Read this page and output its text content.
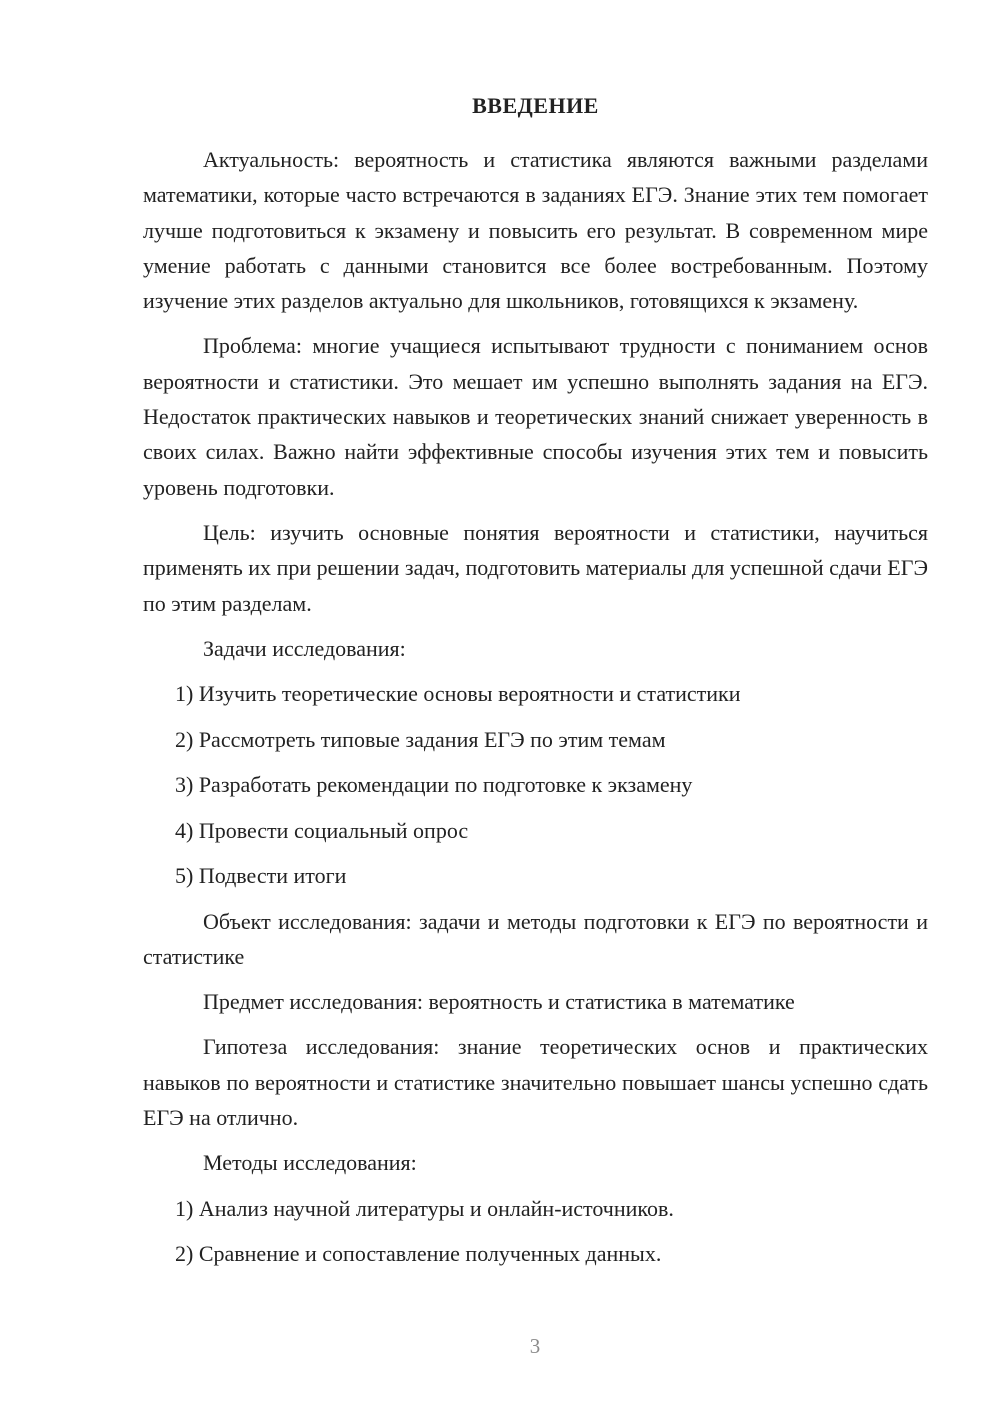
ВВЕДЕНИЕ

Актуальность: вероятность и статистика являются важными разделами математики, которые часто встречаются в заданиях ЕГЭ. Знание этих тем помогает лучше подготовиться к экзамену и повысить его результат. В современном мире умение работать с данными становится все более востребованным. Поэтому изучение этих разделов актуально для школьников, готовящихся к экзамену.

Проблема: многие учащиеся испытывают трудности с пониманием основ вероятности и статистики. Это мешает им успешно выполнять задания на ЕГЭ. Недостаток практических навыков и теоретических знаний снижает уверенность в своих силах. Важно найти эффективные способы изучения этих тем и повысить уровень подготовки.

Цель: изучить основные понятия вероятности и статистики, научиться применять их при решении задач, подготовить материалы для успешной сдачи ЕГЭ по этим разделам.

Задачи исследования:

1) Изучить теоретические основы вероятности и статистики

2) Рассмотреть типовые задания ЕГЭ по этим темам

3) Разработать рекомендации по подготовке к экзамену

4) Провести социальный опрос

5) Подвести итоги

Объект исследования: задачи и методы подготовки к ЕГЭ по вероятности и статистике

Предмет исследования: вероятность и статистика в математике

Гипотеза исследования: знание теоретических основ и практических навыков по вероятности и статистике значительно повышает шансы успешно сдать ЕГЭ на отлично.

Методы исследования:

1) Анализ научной литературы и онлайн-источников.

2) Сравнение и сопоставление полученных данных.

3
